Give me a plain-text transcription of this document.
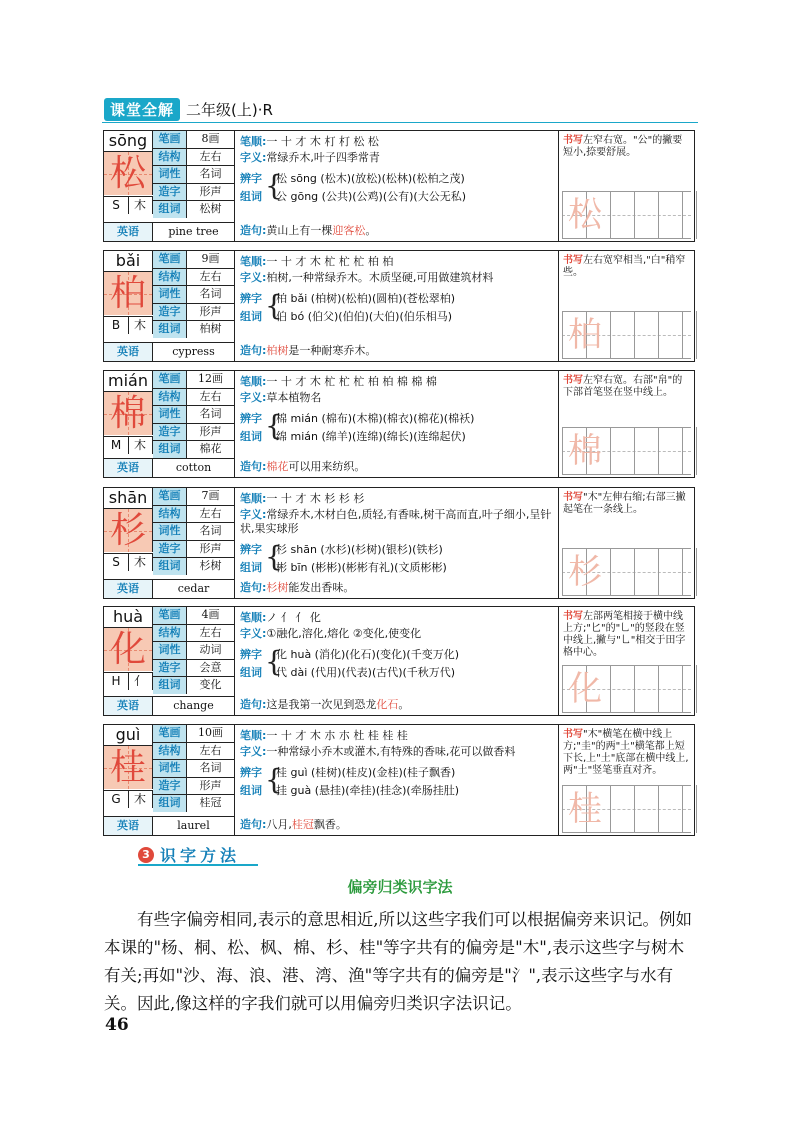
课堂全解 二年级(上)·R
sōng
松
S	木
笔画	8画
结构	左右
词性	名词
造字	形声
组词	松树
英语	pine tree
笔顺:一 十 才 木 朾 朾 松 松
字义:常绿乔木,叶子四季常青
辨字
组词 {
松 sōng (松木)(放松)(松林)(松柏之茂)
公 gōng (公共)(公鸡)(公有)(大公无私)
造句:黄山上有一棵迎客松。
书写左窄右宽。"公"的撇要短小,捺要舒展。
松
bǎi
柏
B	木
笔画	9画
结构	左右
词性	名词
造字	形声
组词	柏树
英语	cypress
笔顺:一 十 才 木 杧 杧 杧 柏 柏
字义:柏树,一种常绿乔木。木质坚硬,可用做建筑材料
辨字
组词 {
柏 bǎi (柏树)(松柏)(圆柏)(苍松翠柏)
伯 bó (伯父)(伯伯)(大伯)(伯乐相马)
造句:柏树是一种耐寒乔木。
书写左右宽窄相当,"白"稍窄些。
柏
mián
棉
M	木
笔画	12画
结构	左右
词性	名词
造字	形声
组词	棉花
英语	cotton
笔顺:一 十 才 木 杧 杧 杧 柏 柏 棉 棉 棉
字义:草本植物名
辨字
组词 {
棉 mián (棉布)(木棉)(棉衣)(棉花)(棉袄)
绵 mián (绵羊)(连绵)(绵长)(连绵起伏)
造句:棉花可以用来纺织。
书写左窄右宽。右部"帛"的下部首笔竖在竖中线上。
棉
shān
杉
S	木
笔画	7画
结构	左右
词性	名词
造字	形声
组词	杉树
英语	cedar
笔顺:一 十 才 木 杉 杉 杉
字义:常绿乔木,木材白色,质轻,有香味,树干高而直,叶子细小,呈针状,果实球形
辨字
组词 {
杉 shān (水杉)(杉树)(银杉)(铁杉)
彬 bīn (彬彬)(彬彬有礼)(文质彬彬)
造句:杉树能发出香味。
书写"木"左伸右缩;右部三撇起笔在一条线上。
杉
huà
化
H	亻
笔画	4画
结构	左右
词性	动词
造字	会意
组词	变化
英语	change
笔顺:ノ 亻 亻 化
字义:①融化,溶化,熔化 ②变化,使变化
辨字
组词 {
化 huà (消化)(化石)(变化)(千变万化)
代 dài (代用)(代表)(古代)(千秋万代)
造句:这是我第一次见到恐龙化石。
书写左部两笔相接于横中线上方;"匕"的"乚"的竖段在竖中线上,撇与"乚"相交于田字格中心。
化
guì
桂
G	木
笔画	10画
结构	左右
词性	名词
造字	形声
组词	桂冠
英语	laurel
笔顺:一 十 才 木 朩 朩 杜 桂 桂 桂
字义:一种常绿小乔木或灌木,有特殊的香味,花可以做香料
辨字
组词 {
桂 guì (桂树)(桂皮)(金桂)(桂子飘香)
挂 guà (悬挂)(牵挂)(挂念)(牵肠挂肚)
造句:八月,桂冠飘香。
书写"木"横笔在横中线上方;"圭"的两"土"横笔都上短下长,上"土"底部在横中线上,两"土"竖笔垂直对齐。
桂
3 识字方法
偏旁归类识字法

有些字偏旁相同,表示的意思相近,所以这些字我们可以根据偏旁来识记。例如本课的"杨、桐、松、枫、棉、杉、桂"等字共有的偏旁是"木",表示这些字与树木有关;再如"沙、海、浪、港、湾、渔"等字共有的偏旁是"氵",表示这些字与水有关。因此,像这样的字我们就可以用偏旁归类识字法识记。

46
